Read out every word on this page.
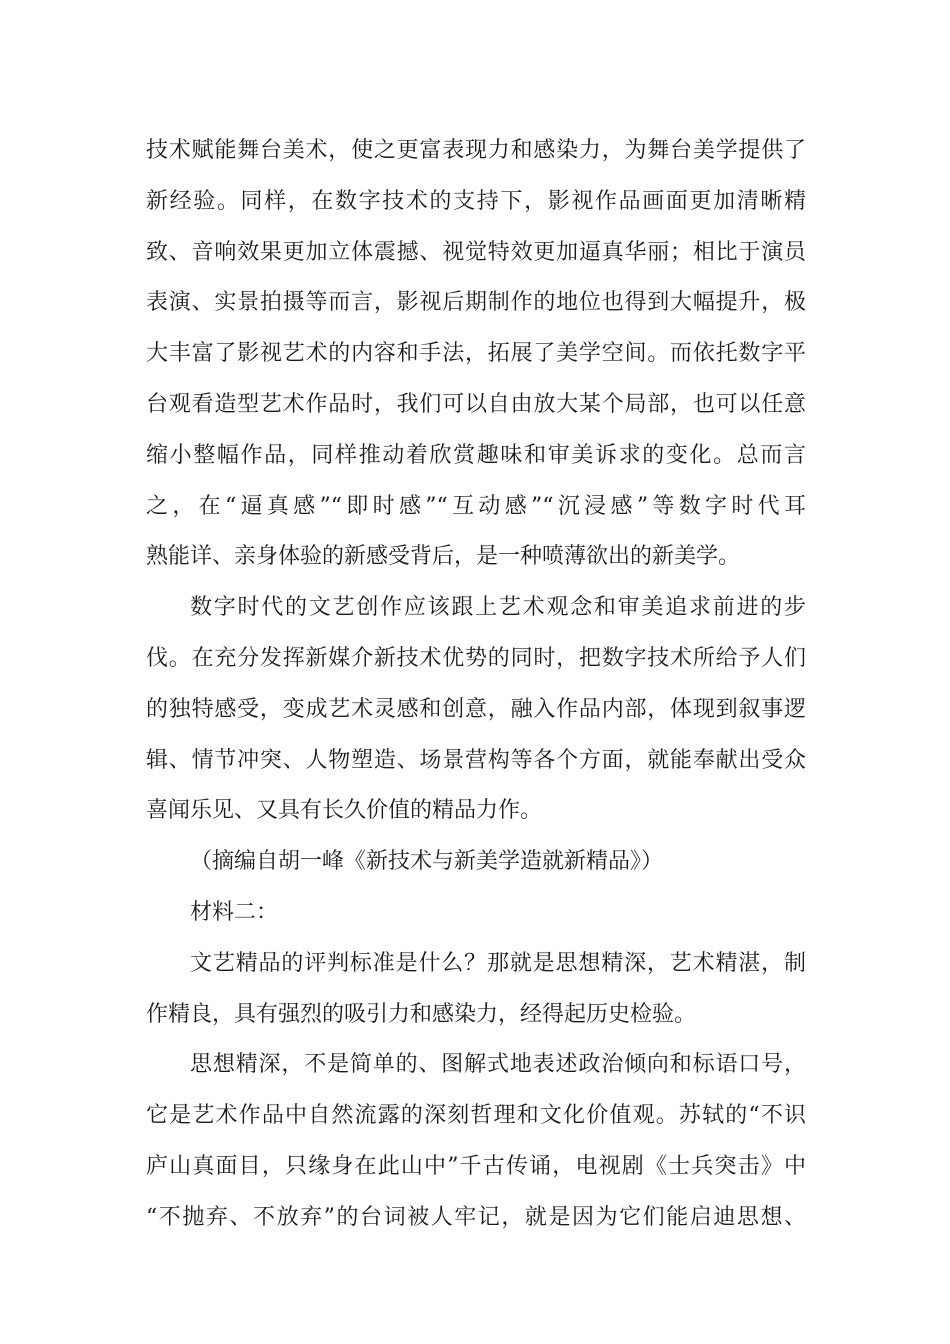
技术赋能舞台美术，使之更富表现力和感染力，为舞台美学提供了
新经验。同样，在数字技术的支持下，影视作品画面更加清晰精
致、音响效果更加立体震撼、视觉特效更加逼真华丽；相比于演员
表演、实景拍摄等而言，影视后期制作的地位也得到大幅提升，极
大丰富了影视艺术的内容和手法，拓展了美学空间。而依托数字平
台观看造型艺术作品时，我们可以自由放大某个局部，也可以任意
缩小整幅作品，同样推动着欣赏趣味和审美诉求的变化。总而言
之，在“逼真感”“即时感”“互动感”“沉浸感”等数字时代耳
熟能详、亲身体验的新感受背后，是一种喷薄欲出的新美学。
数字时代的文艺创作应该跟上艺术观念和审美追求前进的步
伐。在充分发挥新媒介新技术优势的同时，把数字技术所给予人们
的独特感受，变成艺术灵感和创意，融入作品内部，体现到叙事逻
辑、情节冲突、人物塑造、场景营构等各个方面，就能奉献出受众
喜闻乐见、又具有长久价值的精品力作。
（摘编自胡一峰《新技术与新美学造就新精品》）
材料二：
文艺精品的评判标准是什么？那就是思想精深，艺术精湛，制
作精良，具有强烈的吸引力和感染力，经得起历史检验。
思想精深，不是简单的、图解式地表述政治倾向和标语口号，
它是艺术作品中自然流露的深刻哲理和文化价值观。苏轼的“不识
庐山真面目，只缘身在此山中”千古传诵，电视剧《士兵突击》中
“不抛弃、不放弃”的台词被人牢记，就是因为它们能启迪思想、
